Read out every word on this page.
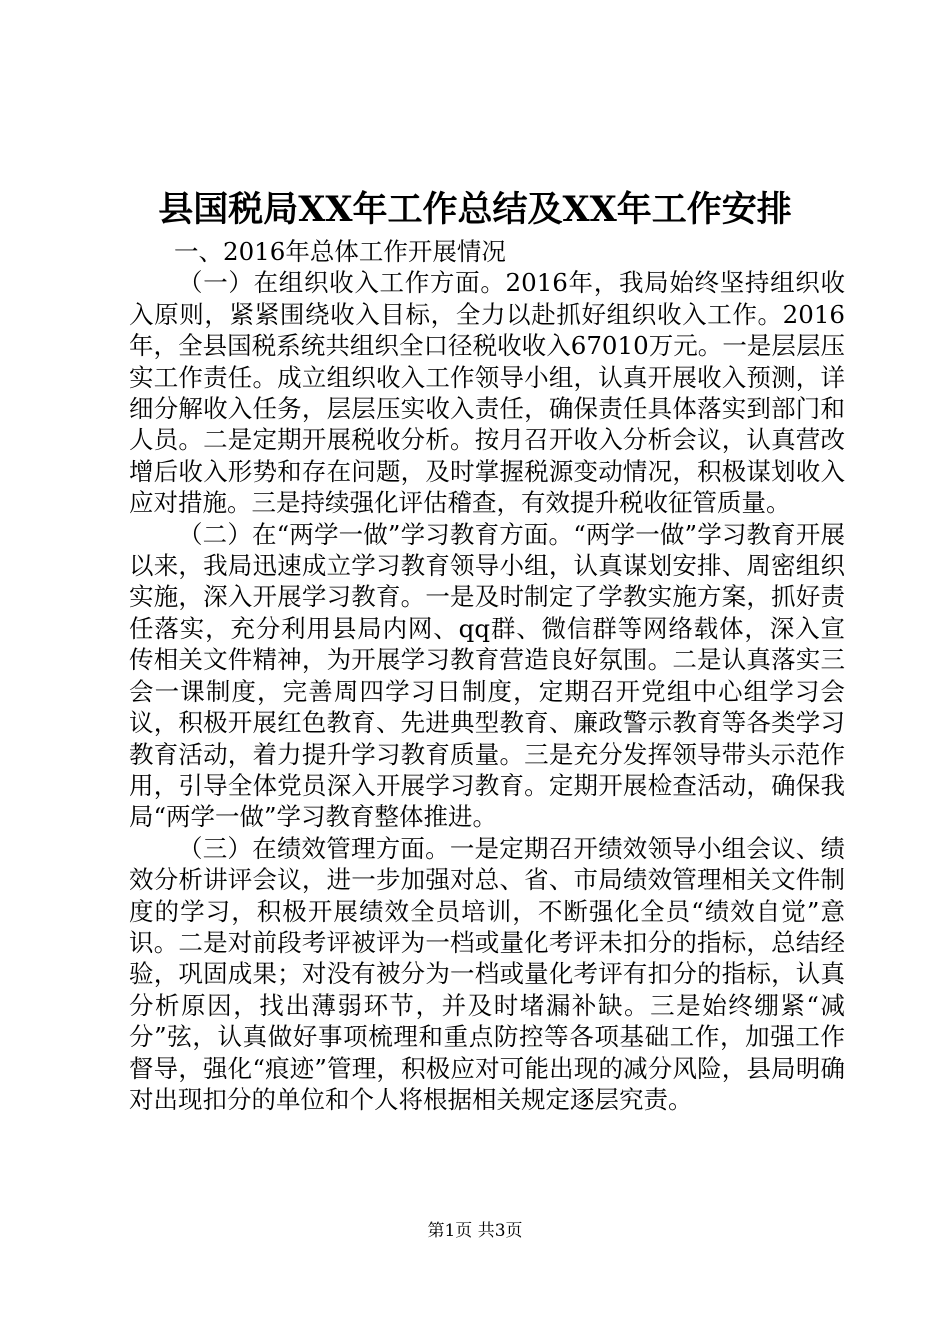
县国税局XX年工作总结及XX年工作安排

一、2016年总体工作开展情况

（一）在组织收入工作方面。2016年，我局始终坚持组织收入原则，紧紧围绕收入目标，全力以赴抓好组织收入工作。2016年，全县国税系统共组织全口径税收收入67010万元。一是层层压实工作责任。成立组织收入工作领导小组，认真开展收入预测，详细分解收入任务，层层压实收入责任，确保责任具体落实到部门和人员。二是定期开展税收分析。按月召开收入分析会议，认真营改增后收入形势和存在问题，及时掌握税源变动情况，积极谋划收入应对措施。三是持续强化评估稽查，有效提升税收征管质量。

（二）在“两学一做”学习教育方面。“两学一做”学习教育开展以来，我局迅速成立学习教育领导小组，认真谋划安排、周密组织实施，深入开展学习教育。一是及时制定了学教实施方案，抓好责任落实，充分利用县局内网、qq群、微信群等网络载体，深入宣传相关文件精神，为开展学习教育营造良好氛围。二是认真落实三会一课制度，完善周四学习日制度，定期召开党组中心组学习会议，积极开展红色教育、先进典型教育、廉政警示教育等各类学习教育活动，着力提升学习教育质量。三是充分发挥领导带头示范作用，引导全体党员深入开展学习教育。定期开展检查活动，确保我局“两学一做”学习教育整体推进。

（三）在绩效管理方面。一是定期召开绩效领导小组会议、绩效分析讲评会议，进一步加强对总、省、市局绩效管理相关文件制度的学习，积极开展绩效全员培训，不断强化全员“绩效自觉”意识。二是对前段考评被评为一档或量化考评未扣分的指标，总结经验，巩固成果；对没有被分为一档或量化考评有扣分的指标，认真分析原因，找出薄弱环节，并及时堵漏补缺。三是始终绷紧“减分”弦，认真做好事项梳理和重点防控等各项基础工作，加强工作督导，强化“痕迹”管理，积极应对可能出现的减分风险，县局明确对出现扣分的单位和个人将根据相关规定逐层究责。

第1页 共3页
